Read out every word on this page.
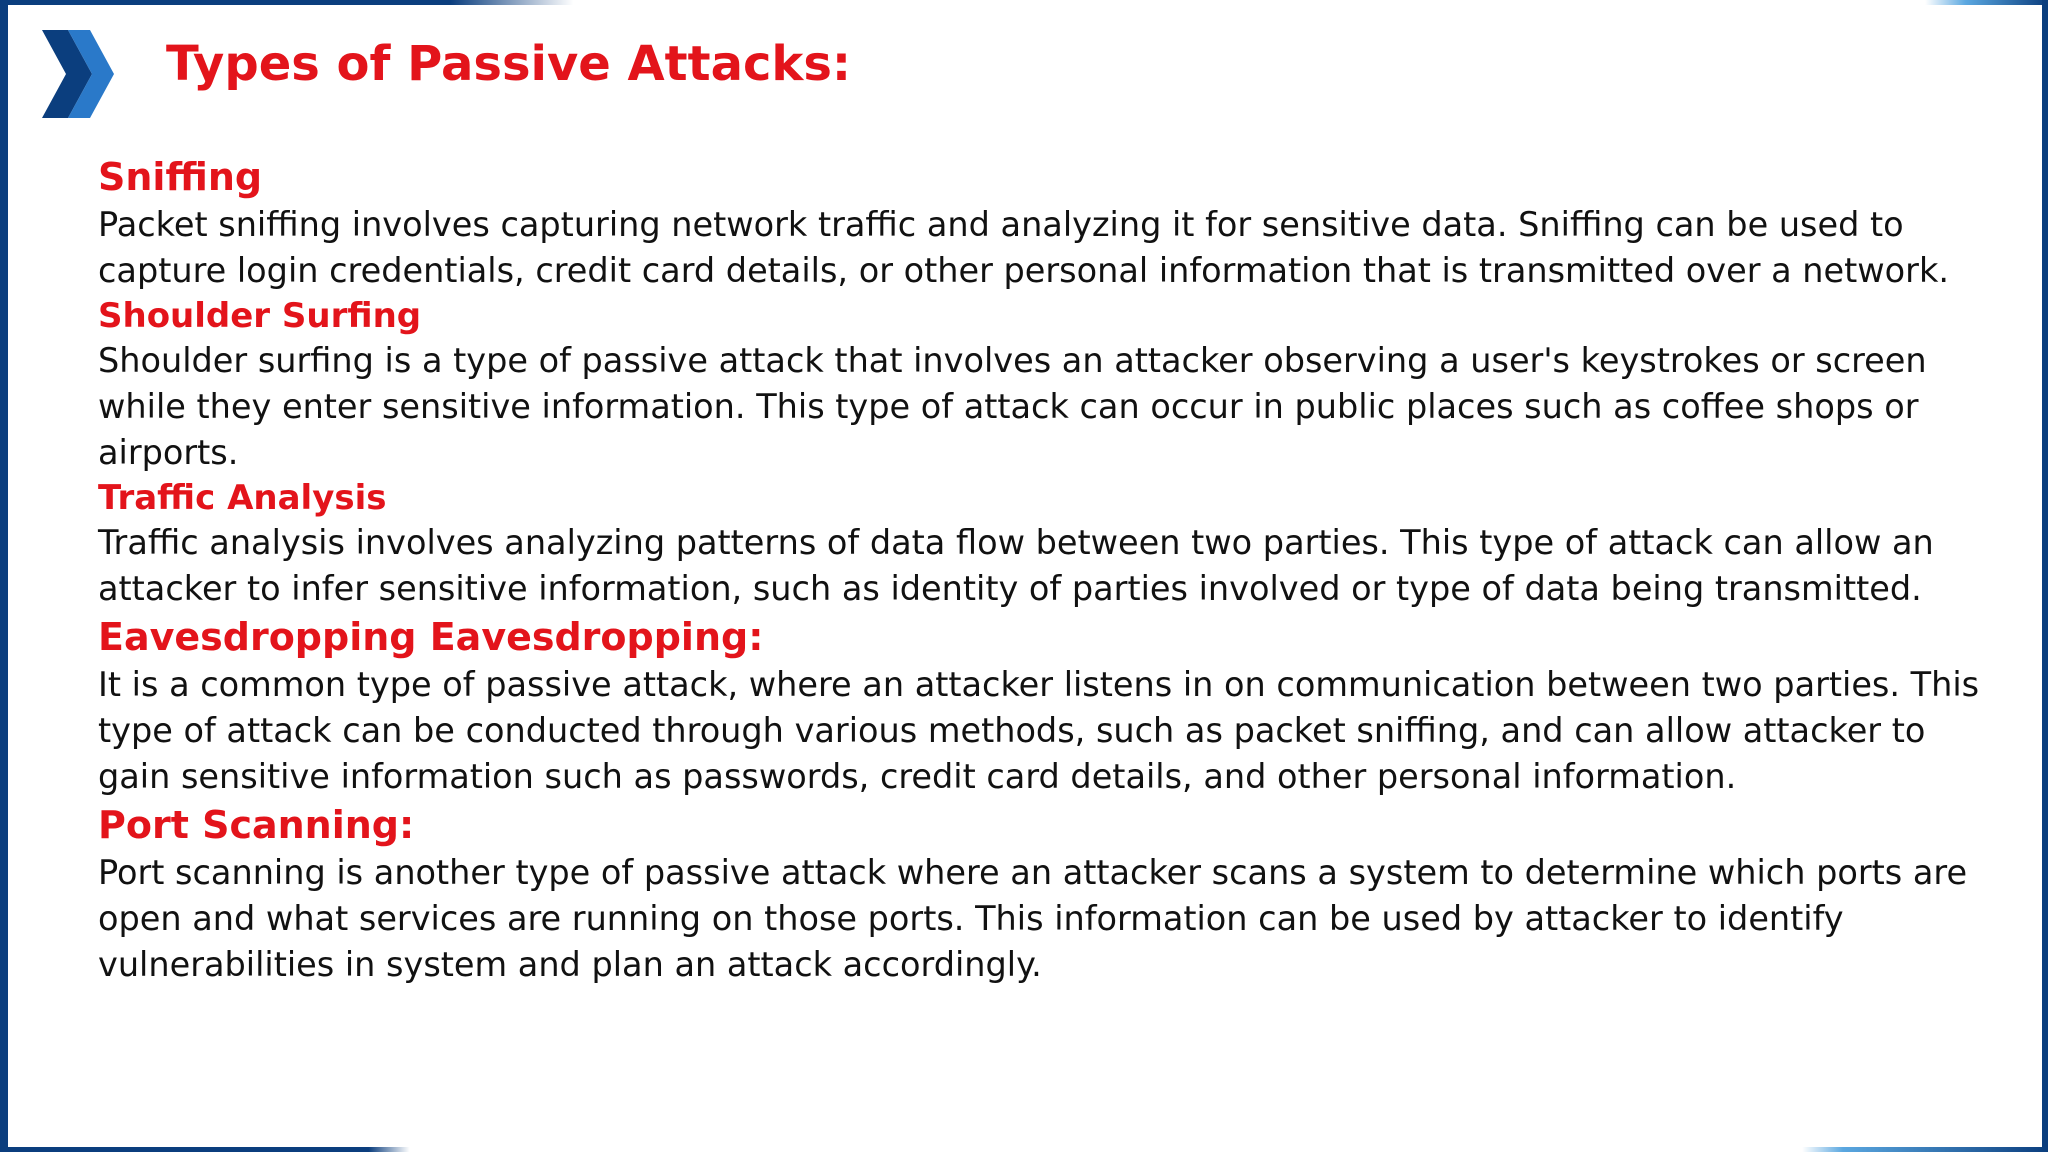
Types of Passive Attacks:
Sniffing

Packet sniffing involves capturing network traffic and analyzing it for sensitive data. Sniffing can be used to capture login credentials, credit card details, or other personal information that is transmitted over a network.

Shoulder Surfing

Shoulder surfing is a type of passive attack that involves an attacker observing a user's keystrokes or screen while they enter sensitive information. This type of attack can occur in public places such as coffee shops or airports.

Traffic Analysis

Traffic analysis involves analyzing patterns of data flow between two parties. This type of attack can allow an attacker to infer sensitive information, such as identity of parties involved or type of data being transmitted.

Eavesdropping Eavesdropping:

It is a common type of passive attack, where an attacker listens in on communication between two parties. This type of attack can be conducted through various methods, such as packet sniffing, and can allow attacker to gain sensitive information such as passwords, credit card details, and other personal information.

Port Scanning:

Port scanning is another type of passive attack where an attacker scans a system to determine which ports are open and what services are running on those ports. This information can be used by attacker to identify vulnerabilities in system and plan an attack accordingly.
